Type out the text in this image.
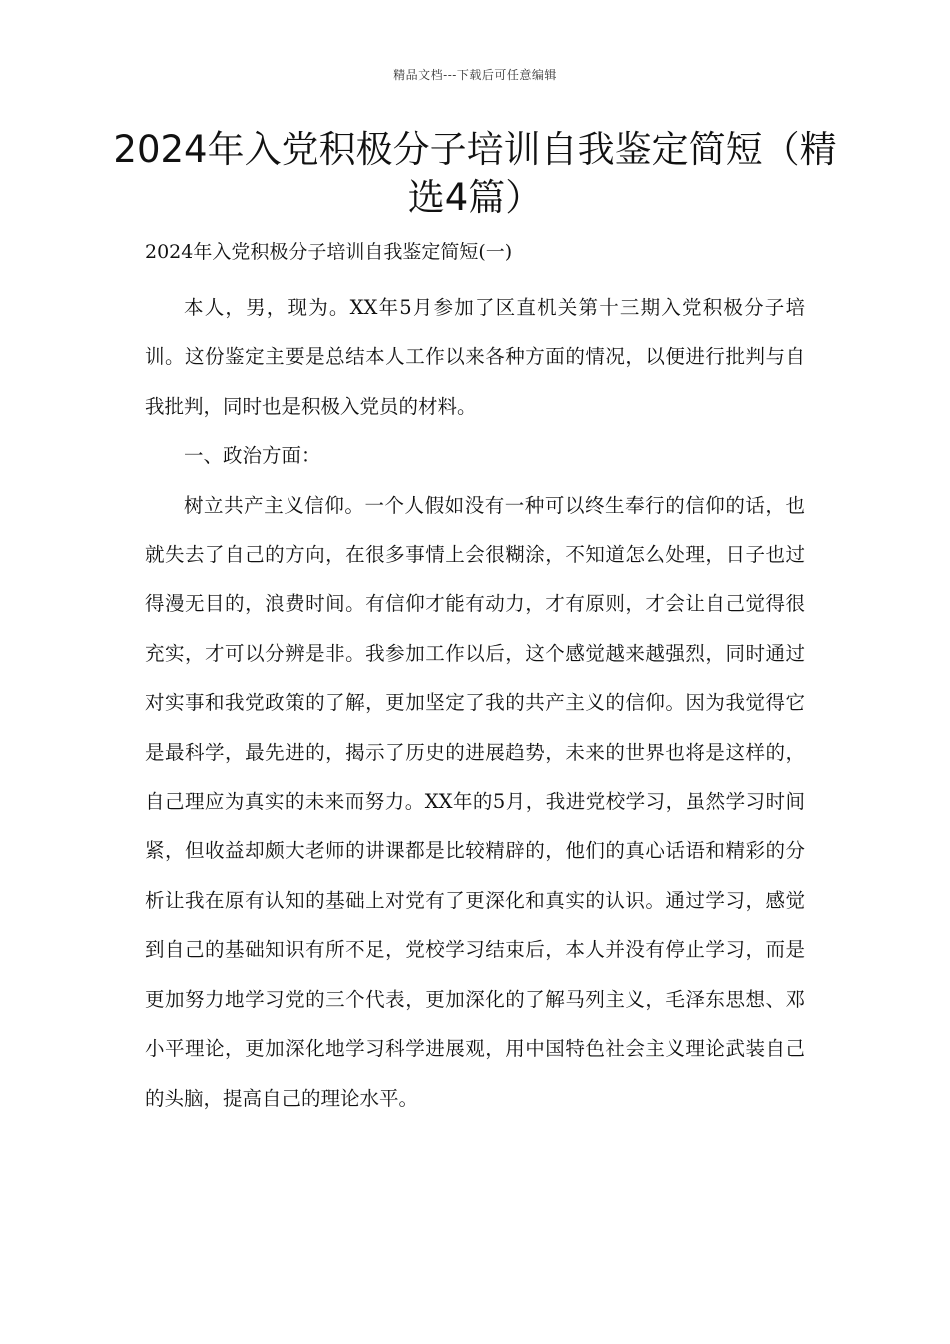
精品文档---下载后可任意编辑
2024年入党积极分子培训自我鉴定简短（精选4篇）

2024年入党积极分子培训自我鉴定简短(一)

本人，男，现为。XX年5月参加了区直机关第十三期入党积极分子培训。这份鉴定主要是总结本人工作以来各种方面的情况，以便进行批判与自我批判，同时也是积极入党员的材料。

一、政治方面：

树立共产主义信仰。一个人假如没有一种可以终生奉行的信仰的话，也就失去了自己的方向，在很多事情上会很糊涂，不知道怎么处理，日子也过得漫无目的，浪费时间。有信仰才能有动力，才有原则，才会让自己觉得很充实，才可以分辨是非。我参加工作以后，这个感觉越来越强烈，同时通过对实事和我党政策的了解，更加坚定了我的共产主义的信仰。因为我觉得它是最科学，最先进的，揭示了历史的进展趋势，未来的世界也将是这样的，自己理应为真实的未来而努力。XX年的5月，我进党校学习，虽然学习时间紧，但收益却颇大老师的讲课都是比较精辟的，他们的真心话语和精彩的分析让我在原有认知的基础上对党有了更深化和真实的认识。通过学习，感觉到自己的基础知识有所不足，党校学习结束后，本人并没有停止学习，而是更加努力地学习党的三个代表，更加深化的了解马列主义，毛泽东思想、邓小平理论，更加深化地学习科学进展观，用中国特色社会主义理论武装自己的头脑，提高自己的理论水平。
